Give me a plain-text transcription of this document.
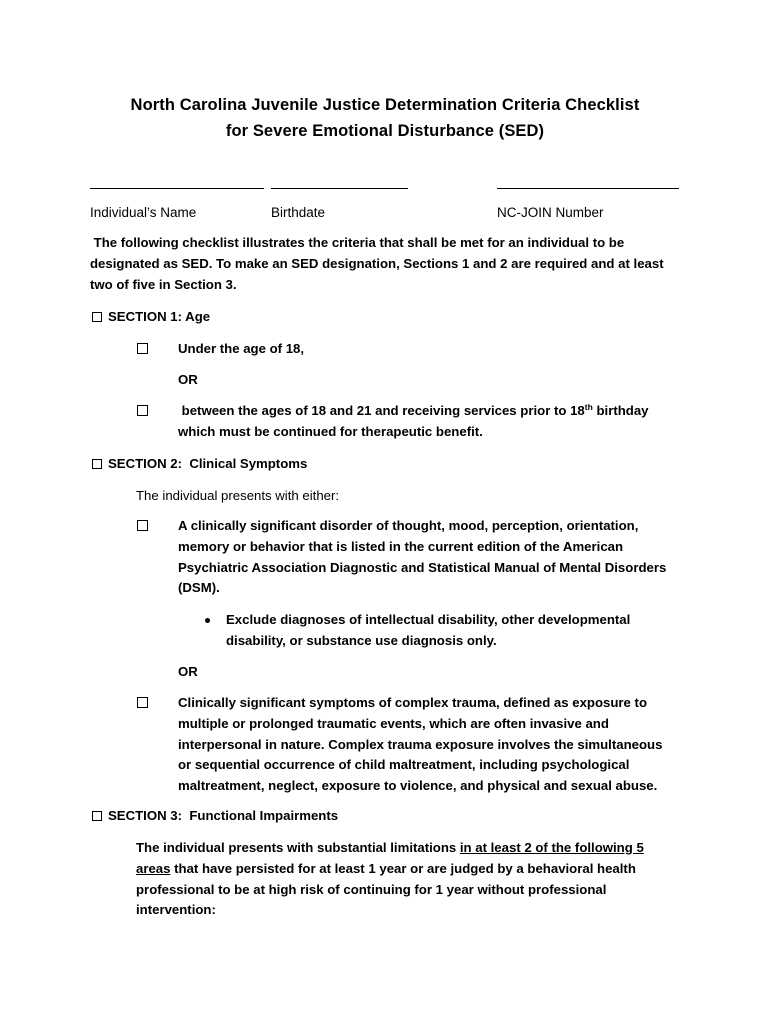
North Carolina Juvenile Justice Determination Criteria Checklist
for Severe Emotional Disturbance (SED)
Individual’s Name	Birthdate	NC-JOIN Number
The following checklist illustrates the criteria that shall be met for an individual to be
designated as SED. To make an SED designation, Sections 1 and 2 are required and at least
two of five in Section 3.
SECTION 1: Age
Under the age of 18,
OR
between the ages of 18 and 21 and receiving services prior to 18th birthday
which must be continued for therapeutic benefit.
SECTION 2:  Clinical Symptoms
The individual presents with either:
A clinically significant disorder of thought, mood, perception, orientation,
memory or behavior that is listed in the current edition of the American
Psychiatric Association Diagnostic and Statistical Manual of Mental Disorders
(DSM).
Exclude diagnoses of intellectual disability, other developmental
disability, or substance use diagnosis only.
OR
Clinically significant symptoms of complex trauma, defined as exposure to
multiple or prolonged traumatic events, which are often invasive and
interpersonal in nature. Complex trauma exposure involves the simultaneous
or sequential occurrence of child maltreatment, including psychological
maltreatment, neglect, exposure to violence, and physical and sexual abuse.
SECTION 3:  Functional Impairments
The individual presents with substantial limitations in at least 2 of the following 5
areas that have persisted for at least 1 year or are judged by a behavioral health
professional to be at high risk of continuing for 1 year without professional
intervention:
